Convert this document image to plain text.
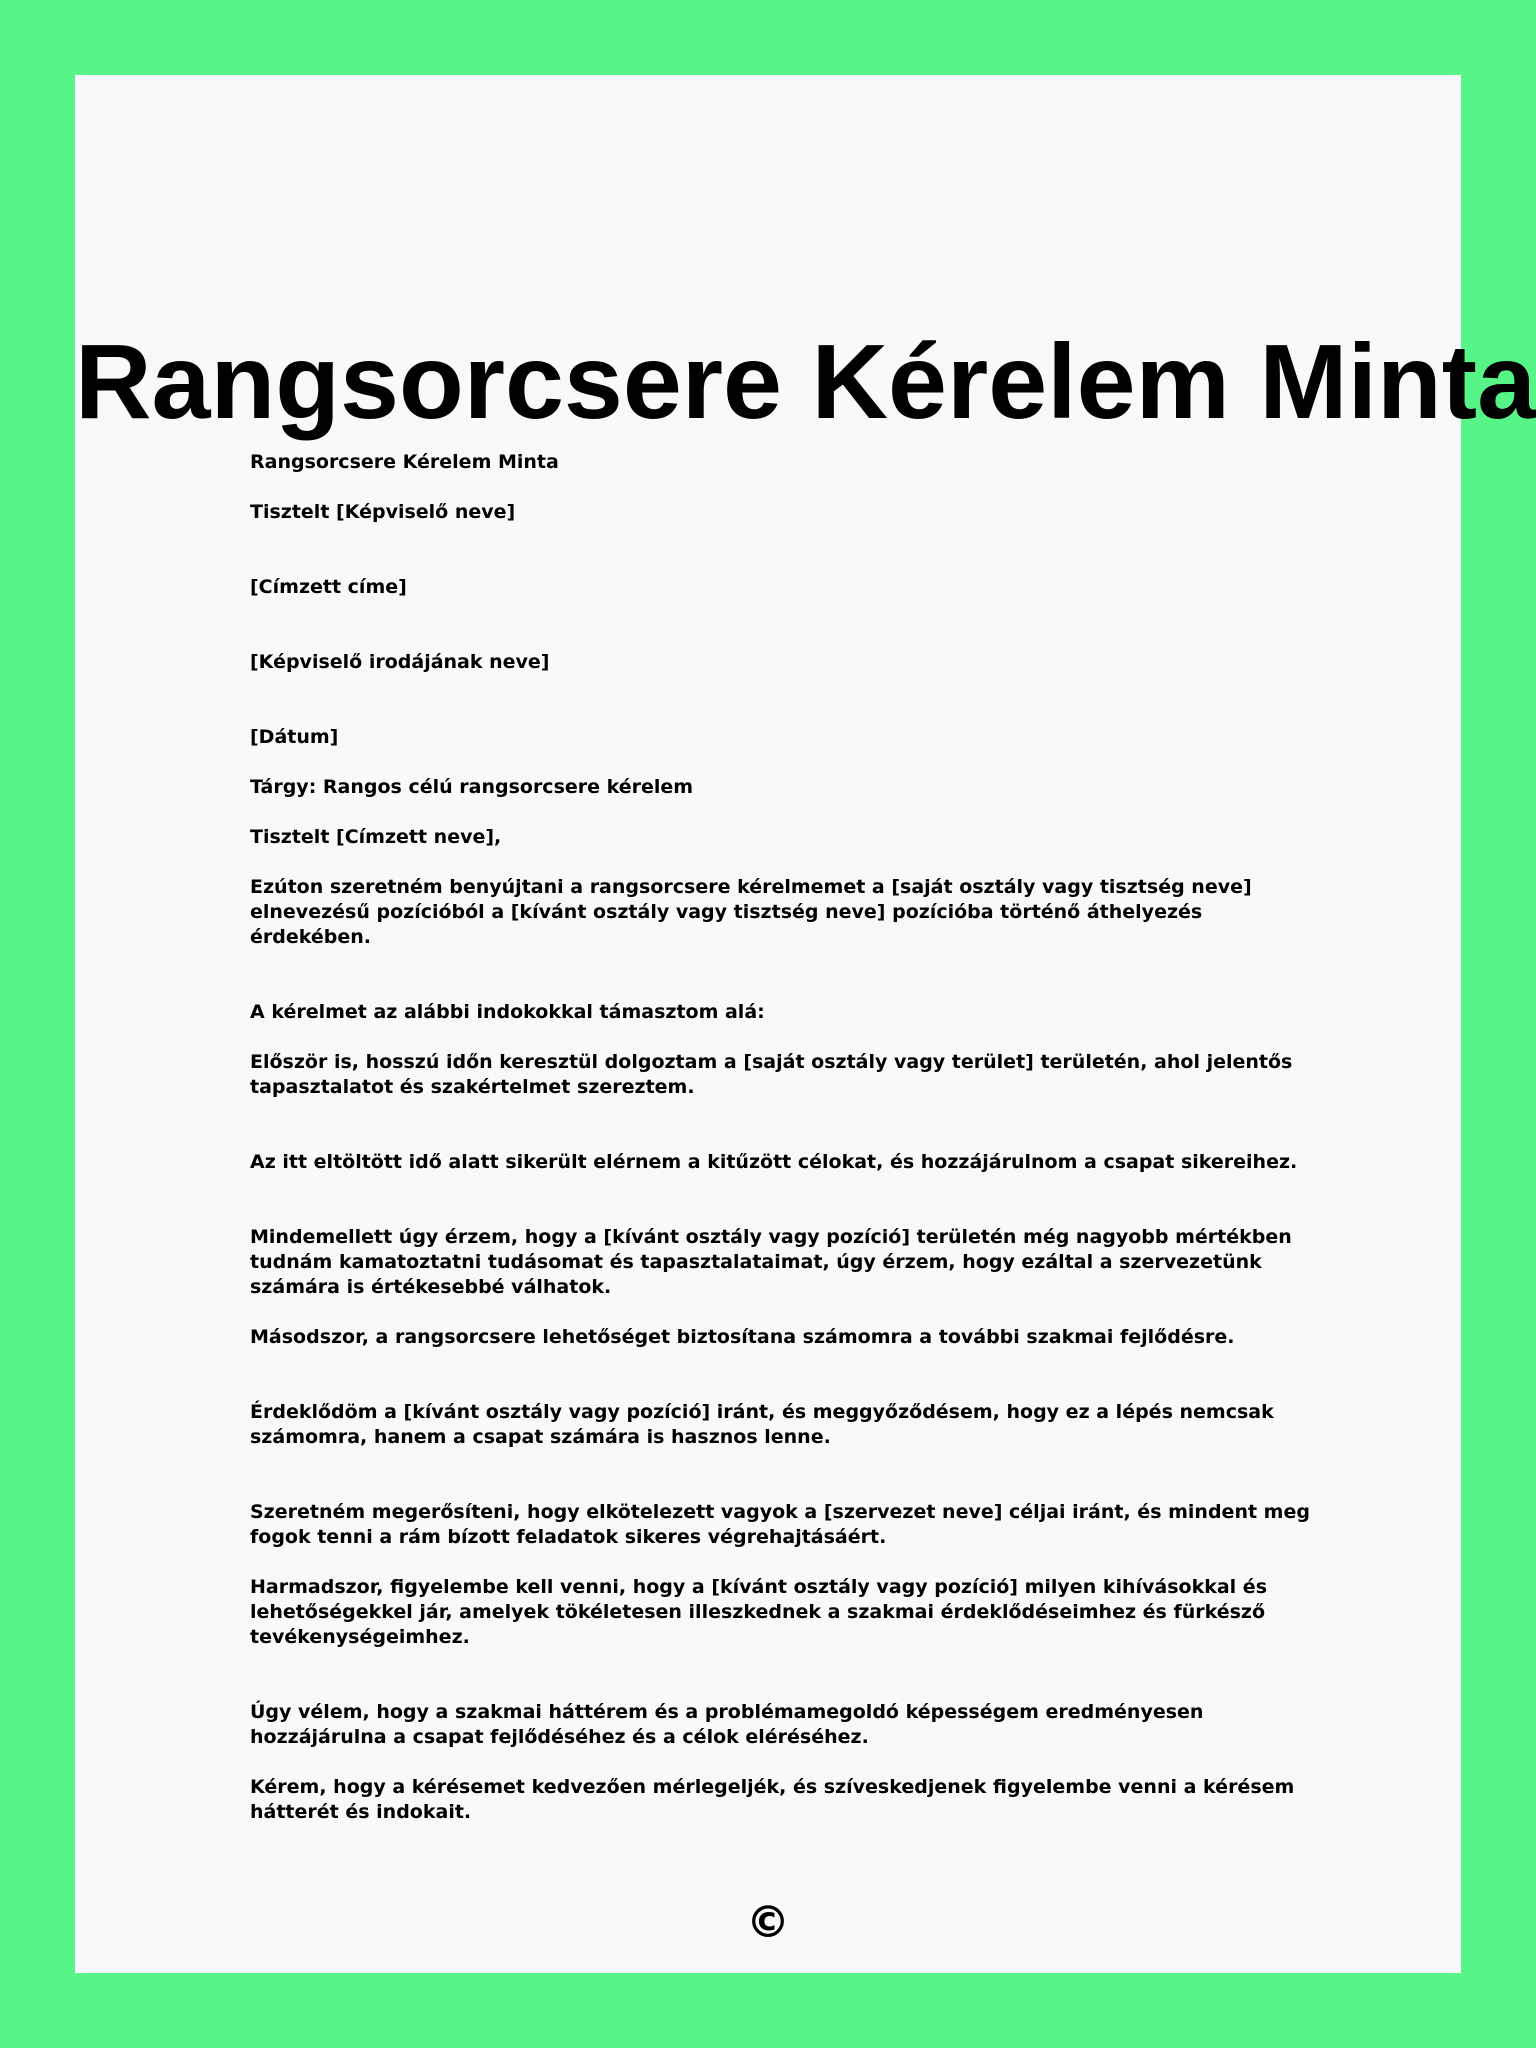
Rangsorcsere Kérelem Minta

Rangsorcsere Kérelem Minta

Tisztelt [Képviselő neve]

[Címzett címe]

[Képviselő irodájának neve]

[Dátum]

Tárgy: Rangos célú rangsorcsere kérelem

Tisztelt [Címzett neve],

Ezúton szeretném benyújtani a rangsorcsere kérelmemet a [saját osztály vagy tisztség neve] elnevezésű pozícióból a [kívánt osztály vagy tisztség neve] pozícióba történő áthelyezés érdekében.

A kérelmet az alábbi indokokkal támasztom alá:

Először is, hosszú időn keresztül dolgoztam a [saját osztály vagy terület] területén, ahol jelentős tapasztalatot és szakértelmet szereztem.

Az itt eltöltött idő alatt sikerült elérnem a kitűzött célokat, és hozzájárulnom a csapat sikereihez.

Mindemellett úgy érzem, hogy a [kívánt osztály vagy pozíció] területén még nagyobb mértékben tudnám kamatoztatni tudásomat és tapasztalataimat, úgy érzem, hogy ezáltal a szervezetünk számára is értékesebbé válhatok.

Másodszor, a rangsorcsere lehetőséget biztosítana számomra a további szakmai fejlődésre.

Érdeklődöm a [kívánt osztály vagy pozíció] iránt, és meggyőződésem, hogy ez a lépés nemcsak számomra, hanem a csapat számára is hasznos lenne.

Szeretném megerősíteni, hogy elkötelezett vagyok a [szervezet neve] céljai iránt, és mindent meg fogok tenni a rám bízott feladatok sikeres végrehajtásáért.

Harmadszor, figyelembe kell venni, hogy a [kívánt osztály vagy pozíció] milyen kihívásokkal és lehetőségekkel jár, amelyek tökéletesen illeszkednek a szakmai érdeklődéseimhez és fürkésző tevékenységeimhez.

Úgy vélem, hogy a szakmai háttérem és a problémamegoldó képességem eredményesen hozzájárulna a csapat fejlődéséhez és a célok eléréséhez.

Kérem, hogy a kérésemet kedvezően mérlegeljék, és szíveskedjenek figyelembe venni a kérésem hátterét és indokait.

©
